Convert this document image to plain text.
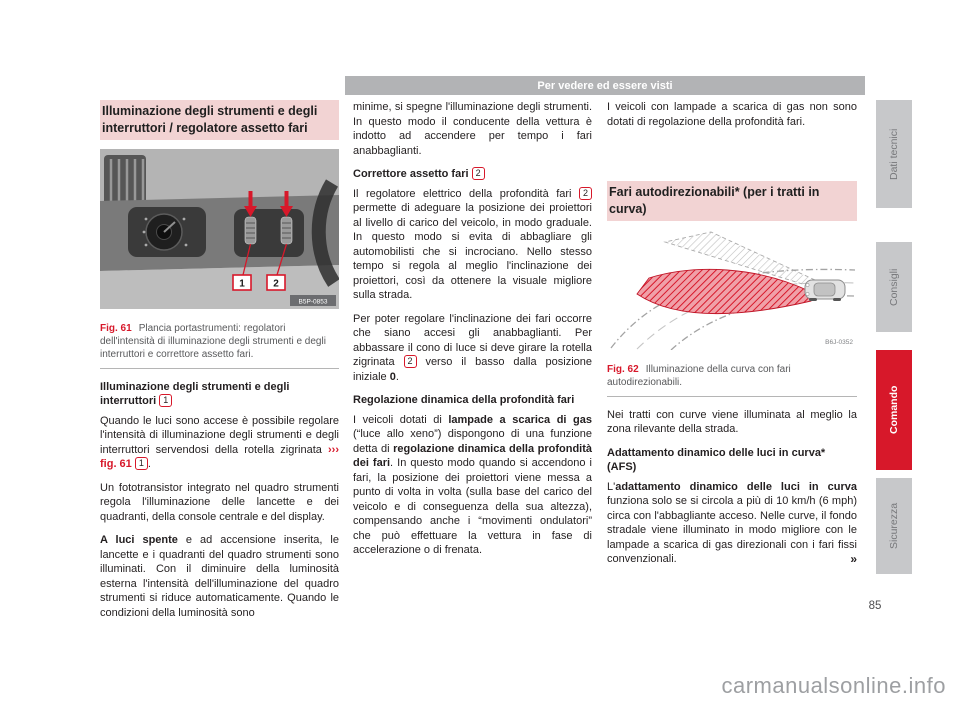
Per vedere ed essere visti
Illuminazione degli strumenti e degli interruttori / regolatore assetto fari
1	2
B5P-0853
Fig. 61 Plancia portastrumenti: regolatori dell'intensità di illuminazione degli strumenti e degli interruttori e correttore assetto fari.

Illuminazione degli strumenti e degli interruttori 1

Quando le luci sono accese è possibile regolare l'intensità di illuminazione degli strumenti e degli interruttori servendosi della rotella zigrinata ››› fig. 61 1 .

Un fototransistor integrato nel quadro strumenti regola l'illuminazione delle lancette e dei quadranti, della console centrale e del display.

A luci spente e ad accensione inserita, le lancette e i quadranti del quadro strumenti sono illuminati. Con il diminuire della luminosità esterna l'intensità dell'illuminazione del quadro strumenti si riduce automaticamente. Quando le condizioni della luminosità sono

minime, si spegne l'illuminazione degli strumenti. In questo modo il conducente della vettura è indotto ad accendere per tempo i fari anabbaglianti.

Correttore assetto fari 2

Il regolatore elettrico della profondità fari 2 permette di adeguare la posizione dei proiettori al livello di carico del veicolo, in modo graduale. In questo modo si evita di abbagliare gli automobilisti che si incrociano. Nello stesso tempo si regola al meglio l'inclinazione dei proiettori, così da ottenere la visuale migliore sulla strada.

Per poter regolare l'inclinazione dei fari occorre che siano accesi gli anabbaglianti. Per abbassare il cono di luce si deve girare la rotella zigrinata 2 verso il basso dalla posizione iniziale 0.

Regolazione dinamica della profondità fari

I veicoli dotati di lampade a scarica di gas (“luce allo xeno”) dispongono di una funzione detta di regolazione dinamica della profondità dei fari. In questo modo quando si accendono i fari, la posizione dei proiettori viene messa a punto di volta in volta (sulla base del carico del veicolo e di conseguenza della sua altezza), compensando anche i “movimenti ondulatori” che può effettuare la vettura in fase di accelerazione o di frenata.

I veicoli con lampade a scarica di gas non sono dotati di regolazione della profondità fari.

Fari autodirezionabili* (per i tratti in curva)
B6J-0352
Fig. 62 Illuminazione della curva con fari autodirezionabili.

Nei tratti con curve viene illuminata al meglio la zona rilevante della strada.

Adattamento dinamico delle luci in curva* (AFS)

L'adattamento dinamico delle luci in curva funziona solo se si circola a più di 10 km/h (6 mph) circa con l'abbagliante acceso. Nelle curve, il fondo stradale viene illuminato in modo migliore con le lampade a scarica di gas direzionali con i fari fissi convenzionali.	»

Dati tecnici
Consigli
Comando
Sicurezza
85
carmanualsonline.info
